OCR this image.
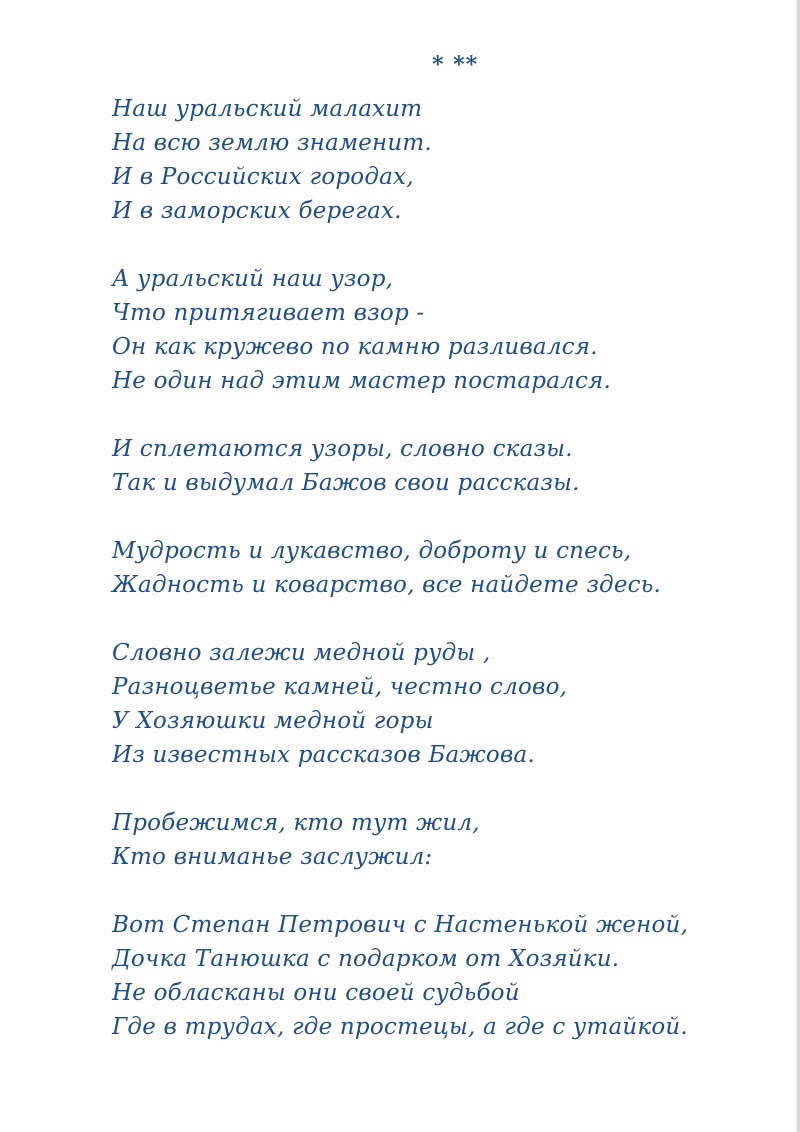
* **
Наш уральский малахит
На всю землю знаменит.
И в Российских городах,
И в заморских берегах.
А уральский наш узор,
Что притягивает взор -
Он как кружево по камню разливался.
Не один над этим мастер постарался.
И сплетаются узоры, словно сказы.
Так и выдумал Бажов свои рассказы.
Мудрость и лукавство, доброту и спесь,
Жадность и коварство, все найдете здесь.
Словно залежи медной руды ,
Разноцветье камней, честно слово,
У Хозяюшки медной горы
Из известных рассказов Бажова.
Пробежимся, кто тут жил,
Кто вниманье заслужил:
Вот Степан Петрович с Настенькой женой,
Дочка Танюшка с подарком от Хозяйки.
Не обласканы они своей судьбой
Где в трудах, где простецы, а где с утайкой.
